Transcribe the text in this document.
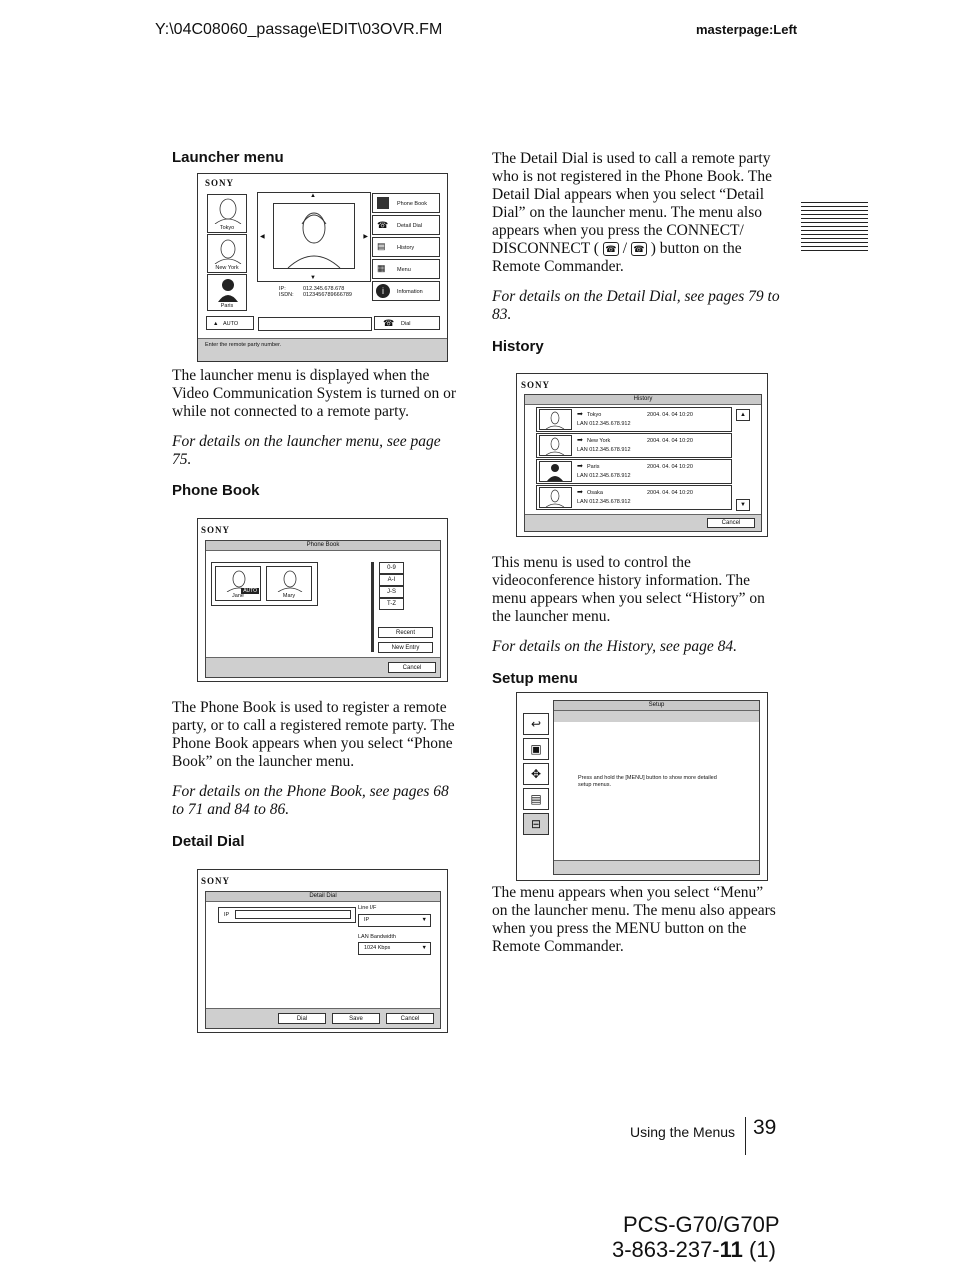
Y:\04C08060_passage\EDIT\03OVR.FM	masterpage:Left
Launcher menu
SONY
Tokyo
New York
Paris
▲
▼
◀	▶
IP:	012.345.678.678
ISDN: 0123456789666789
Phone Book
☎ Detail Dial
▤ History
▦ Menu
i	Infomation
▲ AUTO	☎ Dial
Enter the remote party number.
The launcher menu is displayed when the Video Communication System is turned on or while not connected to a remote party.
For details on the launcher menu, see page 75.
Phone Book
SONY
Phone Book
AUTO
Jane	Mary
0-9
A-I
J-S
T-Z
Recent
New Entry
Cancel
The Phone Book is used to register a remote party, or to call a registered remote party. The Phone Book appears when you select “Phone Book” on the launcher menu.
For details on the Phone Book, see pages 68 to 71 and 84 to 86.
Detail Dial
SONY
Detail Dial
IP
Line I/F
IP	▼
LAN Bandwidth
1024 Kbps	▼
Dial	Save	Cancel
The Detail Dial is used to call a remote party who is not registered in the Phone Book. The Detail Dial appears when you select “Detail Dial” on the launcher menu. The menu also appears when you press the CONNECT/ DISCONNECT ( ☎ / ☎ ) button on the Remote Commander.
For details on the Detail Dial, see pages 79 to 83.
History
SONY
History
➡ Tokyo	2004. 04. 04 10:20
LAN 012.345.678.912
➡ New York	2004. 04. 04 10:20
LAN 012.345.678.912
➡ Paris	2004. 04. 04 10:20
LAN 012.345.678.912
➡ Osaka	2004. 04. 04 10:20
LAN 012.345.678.912
▲
▼
Cancel
This menu is used to control the videoconference history information. The menu appears when you select “History” on the launcher menu.
For details on the History, see page 84.
Setup menu
↩
▣
✥
▤
⊟
Setup
Press and hold the [MENU] button to show more detailed setup menus.
The menu appears when you select “Menu” on the launcher menu. The menu also appears when you press the MENU button on the Remote Commander.
Using the Menus 39
PCS-G70/G70P
3-863-237-11 (1)
